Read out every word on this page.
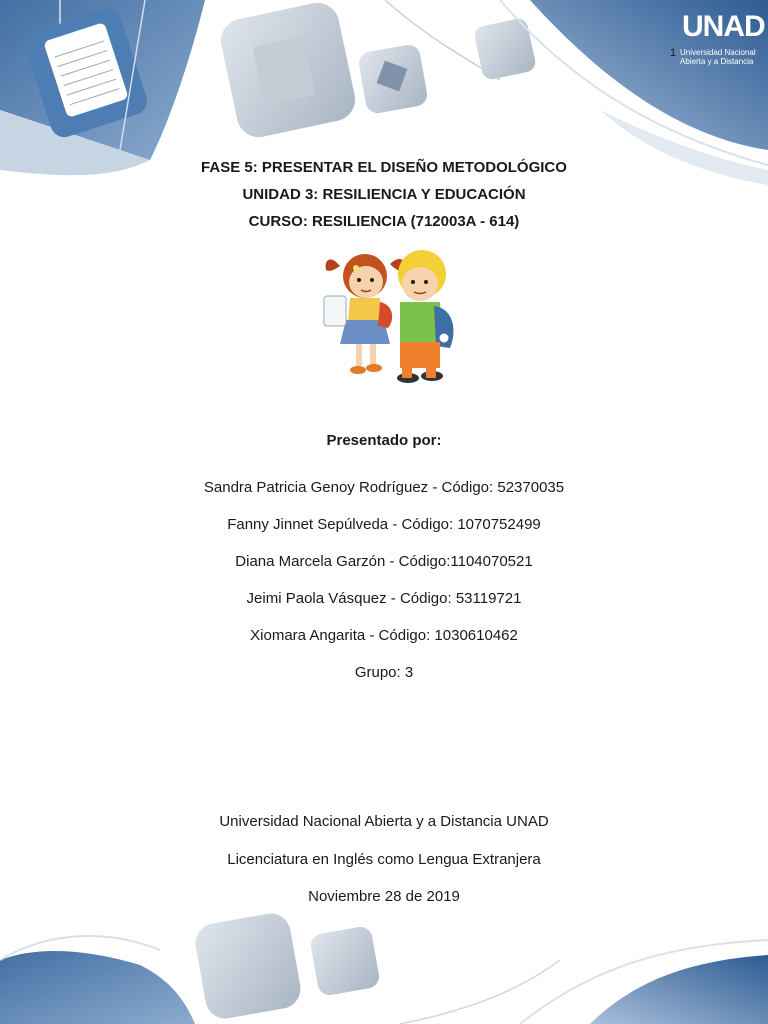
1
UNAD
Universidad Nacional
Abierta y a Distancia
FASE 5: PRESENTAR EL DISEÑO METODOLÓGICO
UNIDAD 3: RESILIENCIA Y EDUCACIÓN
CURSO: RESILIENCIA (712003A - 614)
Presentado por:
Sandra Patricia Genoy Rodríguez - Código: 52370035
Fanny Jinnet Sepúlveda - Código: 1070752499
Diana Marcela Garzón - Código:1104070521
Jeimi Paola Vásquez - Código: 53119721
Xiomara Angarita - Código: 1030610462
Grupo: 3
Universidad Nacional Abierta y a Distancia UNAD
Licenciatura en Inglés como Lengua Extranjera
Noviembre 28 de 2019
